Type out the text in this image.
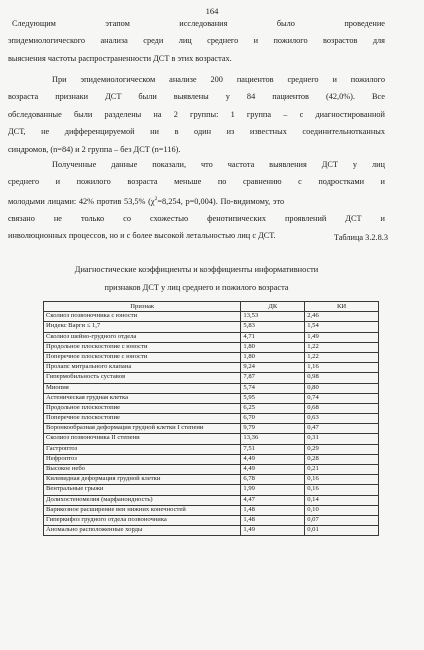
164
Следующим этапом исследования было проведение
эпидемиологического анализа среди лиц среднего и пожилого возрастов для
выяснения частоты распространенности ДСТ в этих возрастах.
При эпидемиологическом анализе 200 пациентов среднего и пожилого
возраста признаки ДСТ были выявлены у 84 пациентов (42,0%). Все
обследованные были разделены на 2 группы: 1 группа – с диагностированной
ДСТ, не дифференцируемой ни в один из известных соединительнотканных
синдромов, (n=84) и 2 группа – без ДСТ (n=116).
Полученные данные показали, что частота выявления ДСТ у лиц
среднего и пожилого возраста меньше по сравнению с подростками и
молодыми лицами: 42% против 53,5% ($\chi^2=8,254$, p=0,004). По-видимому, это
связано не только со схожестью фенотипических проявлений ДСТ и
инволюционных процессов, но и с более высокой летальностью лиц с ДСТ.	Таблица 3.2.8.3
Диагностические коэффициенты и коэффициенты информативности
признаков ДСТ у лиц среднего и пожилого возраста
Признак	ДК	КИ
Сколиоз позвоночника с юности	13,53	2,46
Индекс Варги ≤ 1,7	5,83	1,54
Сколиоз шейно-грудного отдела	4,71	1,49
Продольное плоскостопие с юности	1,80	1,22
Поперечное плоскостопие с юности	1,80	1,22
Пролапс митрального клапана	9,24	1,16
Гипермобильность суставов	7,87	0,98
Миопия	5,74	0,80
Астеническая грудная клетка	5,95	0,74
Продольное плоскостопие	6,25	0,68
Поперечное плоскостопие	6,70	0,63
Воронкообразная деформация грудной клетки I степени	9,79	0,47
Сколиоз позвоночника II степени	13,36	0,31
Гастроптоз	7,51	0,29
Нефроптоз	4,49	0,28
Высокое небо	4,49	0,21
Килевидная деформация грудной клетки	6,78	0,16
Вентральные грыжи	1,99	0,16
Долихостеномелия (марфаноидность)	4,47	0,14
Варикозное расширение вен нижних конечностей	1,48	0,10
Гиперкифоз грудного отдела позвоночника	1,48	0,07
Аномально расположенные хорды	1,49	0,01
